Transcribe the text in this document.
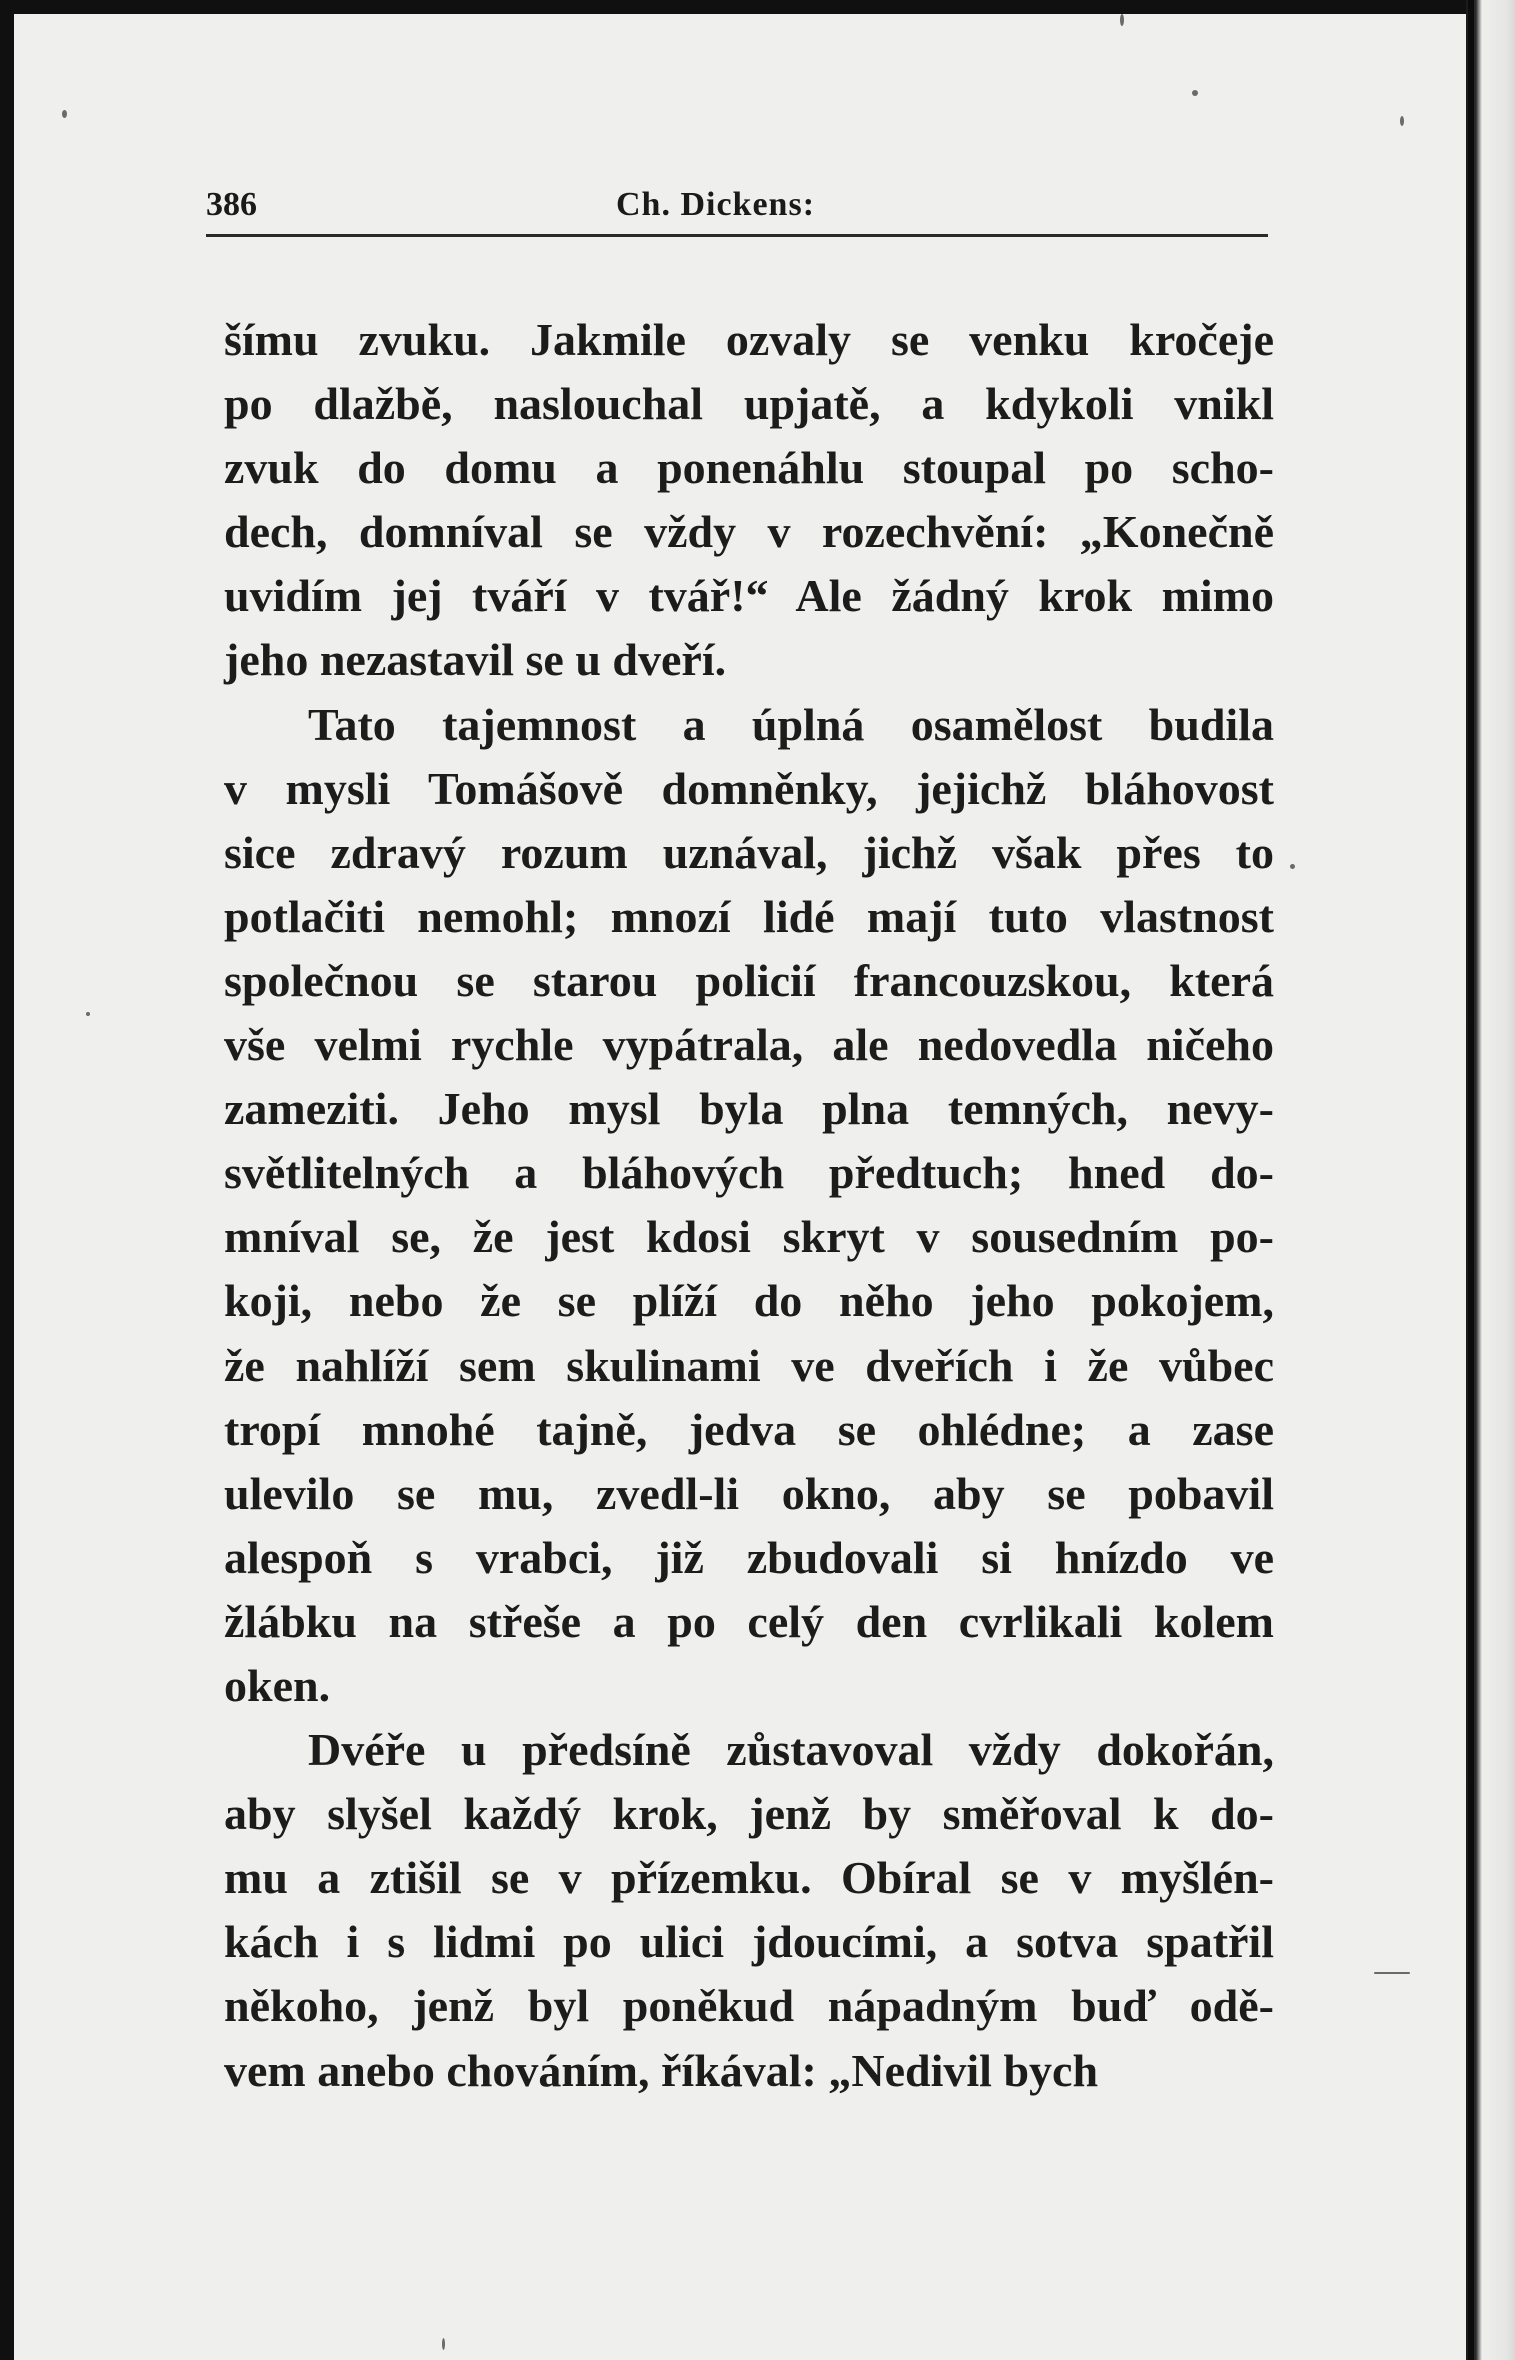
386	Ch. Dickens:
šímu zvuku. Jakmile ozvaly se venku kročeje
po dlažbě, naslouchal upjatě, a kdykoli vnikl
zvuk do domu a ponenáhlu stoupal po scho-
dech, domníval se vždy v rozechvění: „Konečně
uvidím jej tváří v tvář!“ Ale žádný krok mimo
jeho nezastavil se u dveří.
Tato tajemnost a úplná osamělost budila
v mysli Tomášově domněnky, jejichž bláhovost
sice zdravý rozum uznával, jichž však přes to
potlačiti nemohl; mnozí lidé mají tuto vlastnost
společnou se starou policií francouzskou, která
vše velmi rychle vypátrala, ale nedovedla ničeho
zameziti. Jeho mysl byla plna temných, nevy-
světlitelných a bláhových předtuch; hned do-
mníval se, že jest kdosi skryt v sousedním po-
koji, nebo že se plíží do něho jeho pokojem,
že nahlíží sem skulinami ve dveřích i že vůbec
tropí mnohé tajně, jedva se ohlédne; a zase
ulevilo se mu, zvedl-li okno, aby se pobavil
alespoň s vrabci, již zbudovali si hnízdo ve
žlábku na střeše a po celý den cvrlikali kolem
oken.
Dvéře u předsíně zůstavoval vždy dokořán,
aby slyšel každý krok, jenž by směřoval k do-
mu a ztišil se v přízemku. Obíral se v myšlén-
kách i s lidmi po ulici jdoucími, a sotva spatřil
někoho, jenž byl poněkud nápadným buď odě-
vem anebo chováním, říkával: „Nedivil bych
